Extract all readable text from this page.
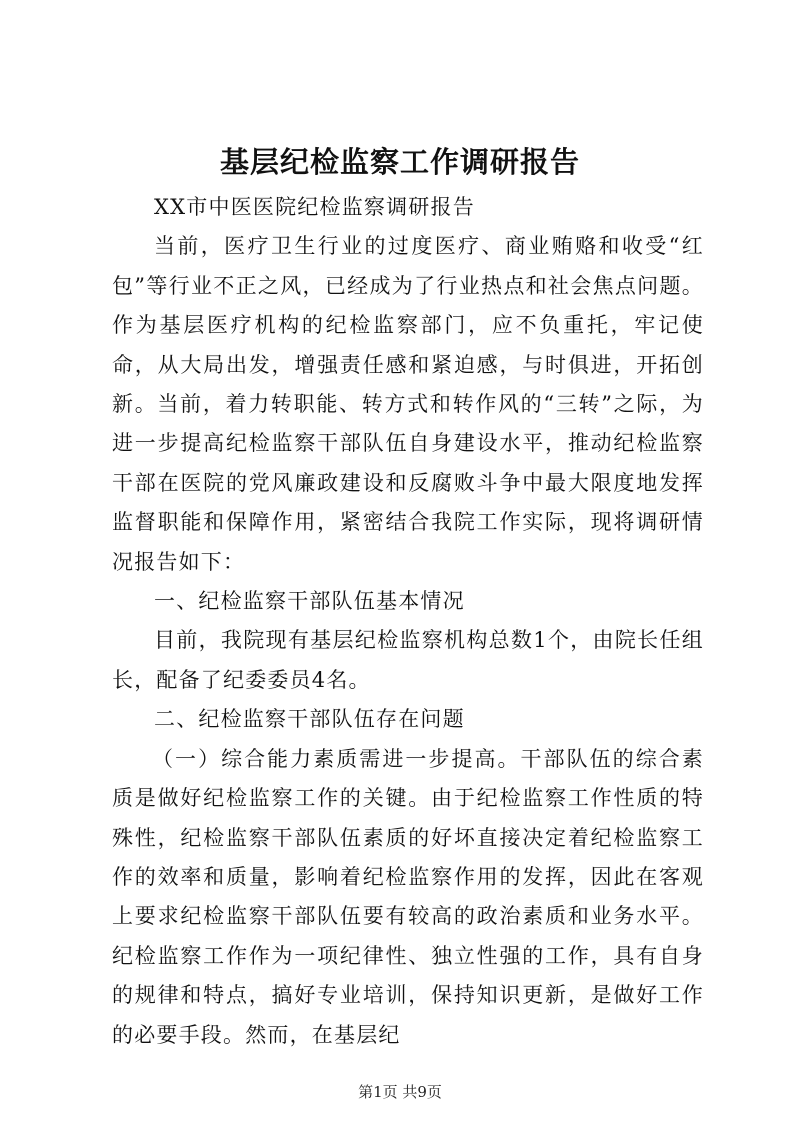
基层纪检监察工作调研报告

XX市中医医院纪检监察调研报告

当前，医疗卫生行业的过度医疗、商业贿赂和收受“红包”等行业不正之风，已经成为了行业热点和社会焦点问题。作为基层医疗机构的纪检监察部门，应不负重托，牢记使命，从大局出发，增强责任感和紧迫感，与时俱进，开拓创新。当前，着力转职能、转方式和转作风的“三转”之际，为进一步提高纪检监察干部队伍自身建设水平，推动纪检监察干部在医院的党风廉政建设和反腐败斗争中最大限度地发挥监督职能和保障作用，紧密结合我院工作实际，现将调研情况报告如下：

一、纪检监察干部队伍基本情况

目前，我院现有基层纪检监察机构总数1个，由院长任组长，配备了纪委委员4名。

二、纪检监察干部队伍存在问题

（一）综合能力素质需进一步提高。干部队伍的综合素质是做好纪检监察工作的关键。由于纪检监察工作性质的特殊性，纪检监察干部队伍素质的好坏直接决定着纪检监察工作的效率和质量，影响着纪检监察作用的发挥，因此在客观上要求纪检监察干部队伍要有较高的政治素质和业务水平。纪检监察工作作为一项纪律性、独立性强的工作，具有自身的规律和特点，搞好专业培训，保持知识更新，是做好工作的必要手段。然而，在基层纪

第1页 共9页
